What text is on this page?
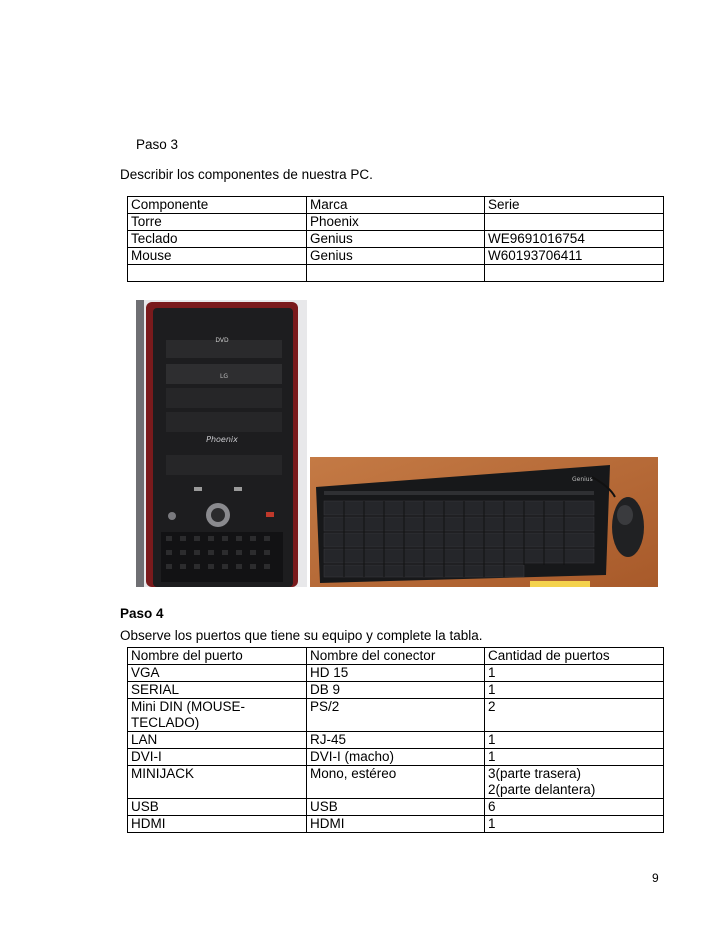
Paso 3
Describir los componentes de nuestra PC.
Componente	Marca	Serie
Torre	Phoenix	
Teclado	Genius	WE9691016754
Mouse	Genius	W60193706411

DVD
LG
Phoenix
Genius
Paso 4
Observe los puertos que tiene su equipo y complete la tabla.
Nombre del puerto	Nombre del conector	Cantidad de puertos
VGA	HD 15	1
SERIAL	DB 9	1
Mini DIN (MOUSE-
TECLADO)	PS/2	2
LAN	RJ-45	1
DVI-I	DVI-I (macho)	1
MINIJACK	Mono, estéreo	3(parte trasera)
2(parte delantera)
USB	USB	6
HDMI	HDMI	1
9
